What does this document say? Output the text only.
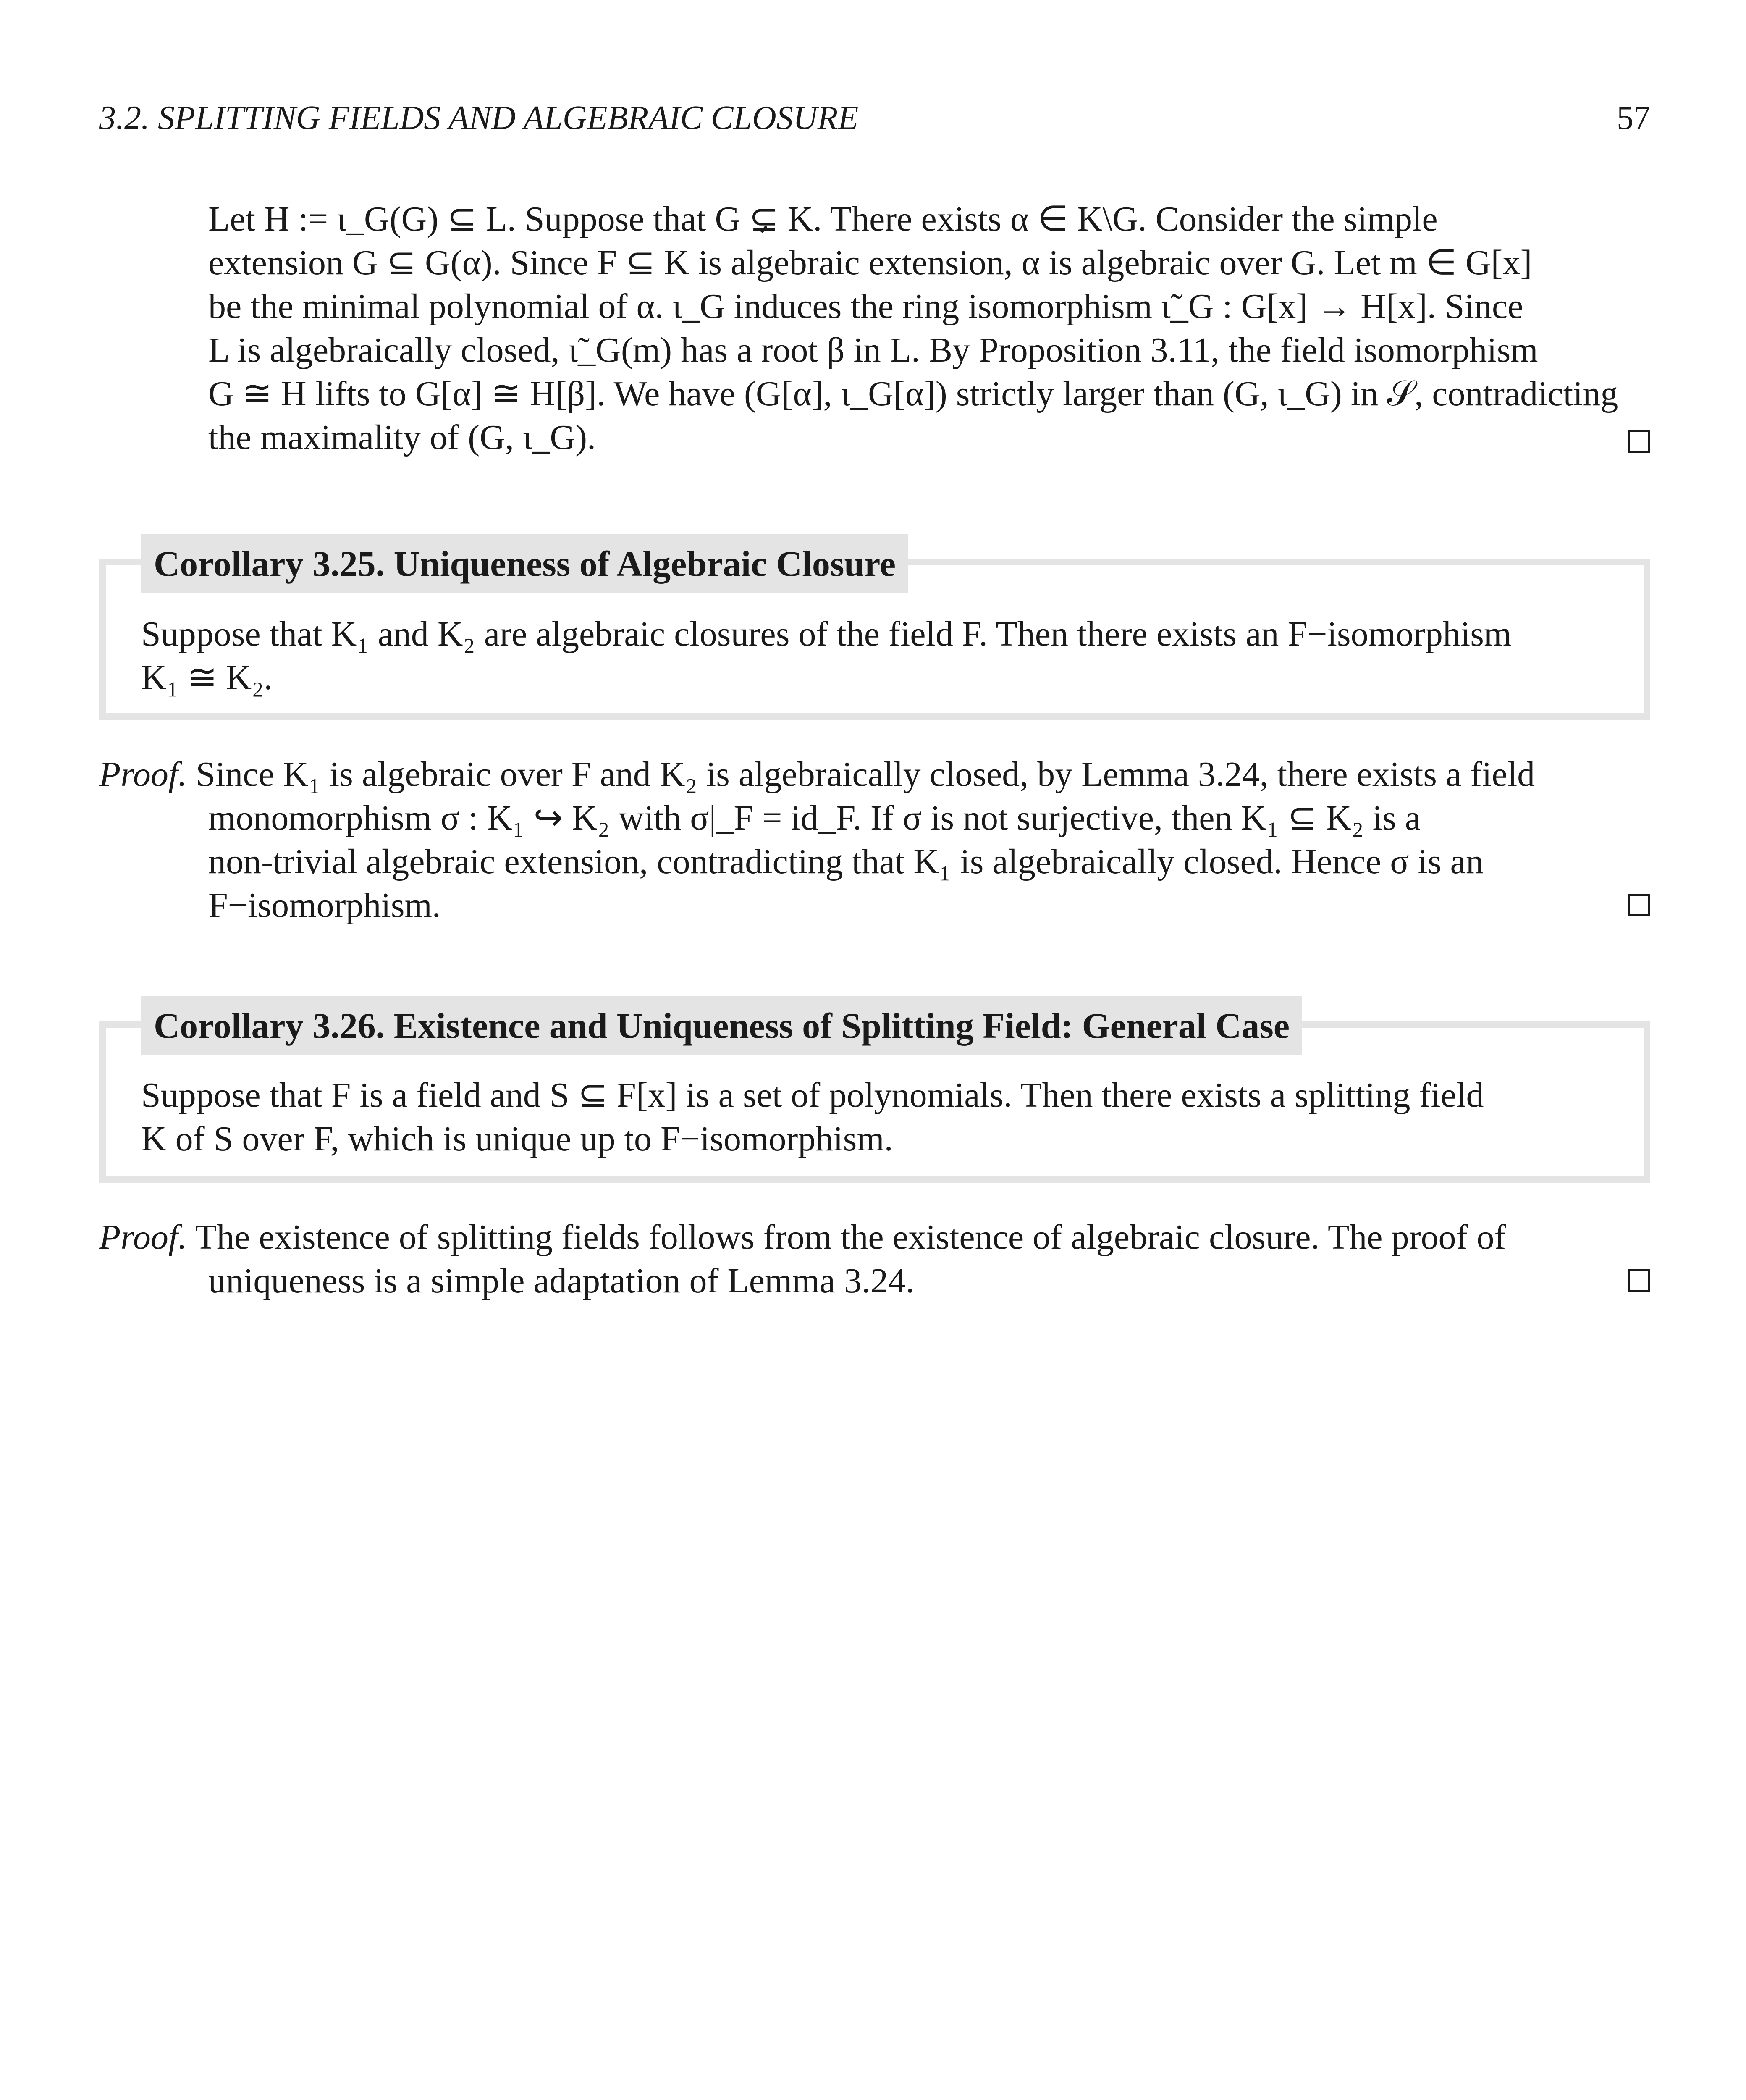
3.2. SPLITTING FIELDS AND ALGEBRAIC CLOSURE	57
Let H := ι_G(G) ⊆ L. Suppose that G ⊊ K. There exists α ∈ K\G. Consider the simple
extension G ⊆ G(α). Since F ⊆ K is algebraic extension, α is algebraic over G. Let m ∈ G[x]
be the minimal polynomial of α. ι_G induces the ring isomorphism ι̃_G : G[x] → H[x]. Since
L is algebraically closed, ι̃_G(m) has a root β in L. By Proposition 3.11, the field isomorphism
G ≅ H lifts to G[α] ≅ H[β]. We have (G[α], ι_G[α]) strictly larger than (G, ι_G) in 𝒮, contradicting
the maximality of (G, ι_G).
Corollary 3.25. Uniqueness of Algebraic Closure
Suppose that K₁ and K₂ are algebraic closures of the field F. Then there exists an F−isomorphism
K₁ ≅ K₂.
Proof. Since K₁ is algebraic over F and K₂ is algebraically closed, by Lemma 3.24, there exists a field
monomorphism σ : K₁ ↪ K₂ with σ|_F = id_F. If σ is not surjective, then K₁ ⊆ K₂ is a
non-trivial algebraic extension, contradicting that K₁ is algebraically closed. Hence σ is an
F−isomorphism.
Corollary 3.26. Existence and Uniqueness of Splitting Field: General Case
Suppose that F is a field and S ⊆ F[x] is a set of polynomials. Then there exists a splitting field
K of S over F, which is unique up to F−isomorphism.
Proof. The existence of splitting fields follows from the existence of algebraic closure. The proof of
uniqueness is a simple adaptation of Lemma 3.24.
